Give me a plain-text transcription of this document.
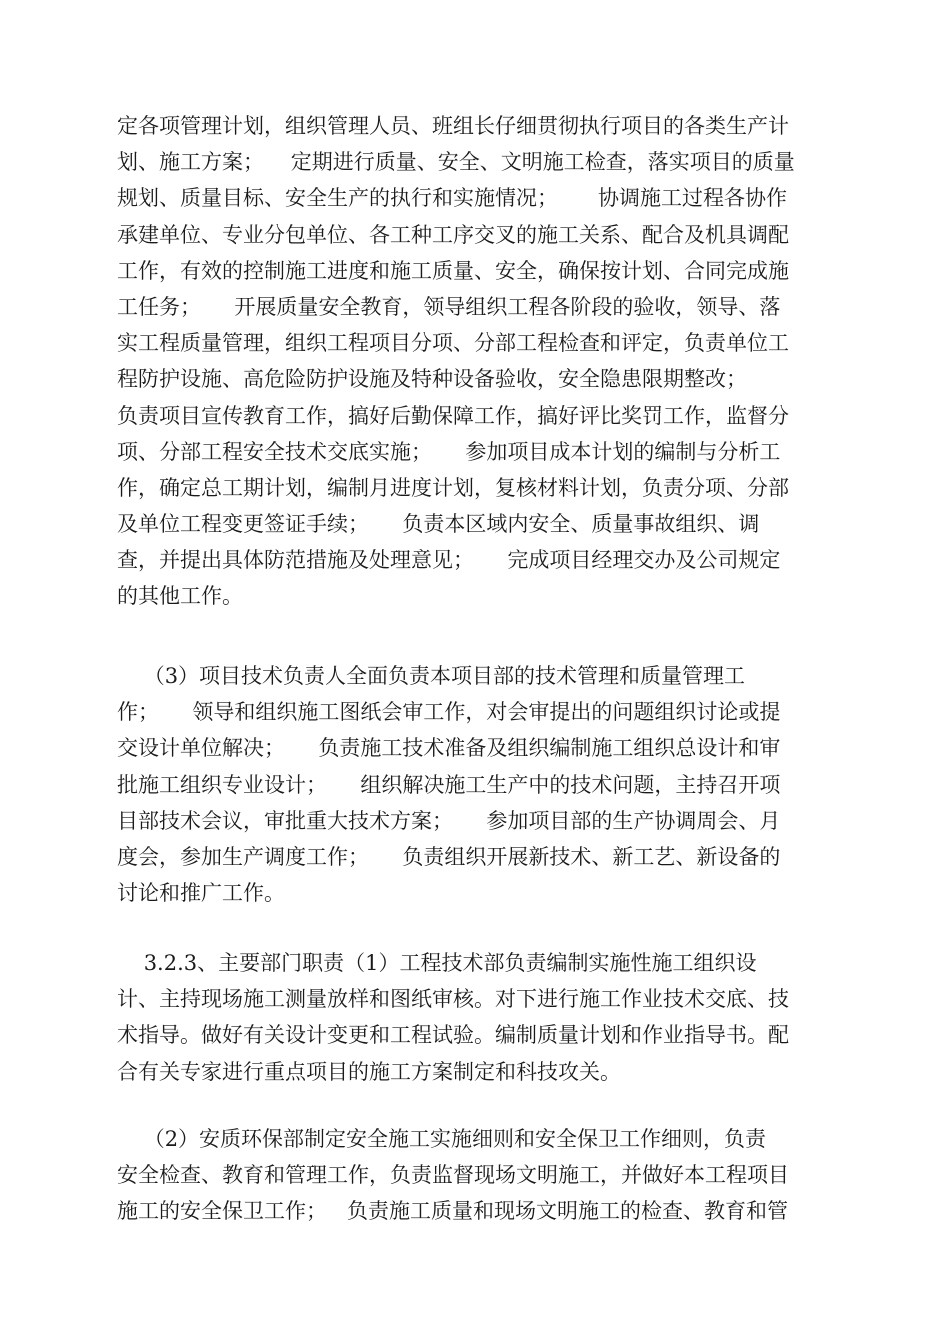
定各项管理计划，组织管理人员、班组长仔细贯彻执行项目的各类生产计
划、施工方案；    定期进行质量、安全、文明施工检查，落实项目的质量
规划、质量目标、安全生产的执行和实施情况；      协调施工过程各协作
承建单位、专业分包单位、各工种工序交叉的施工关系、配合及机具调配
工作，有效的控制施工进度和施工质量、安全，确保按计划、合同完成施
工任务；     开展质量安全教育，领导组织工程各阶段的验收，领导、落
实工程质量管理，组织工程项目分项、分部工程检查和评定，负责单位工
程防护设施、高危险防护设施及特种设备验收，安全隐患限期整改；
负责项目宣传教育工作，搞好后勤保障工作，搞好评比奖罚工作，监督分
项、分部工程安全技术交底实施；     参加项目成本计划的编制与分析工
作，确定总工期计划，编制月进度计划，复核材料计划，负责分项、分部
及单位工程变更签证手续；     负责本区域内安全、质量事故组织、调
查，并提出具体防范措施及处理意见；     完成项目经理交办及公司规定
的其他工作。
（3）项目技术负责人全面负责本项目部的技术管理和质量管理工
作；     领导和组织施工图纸会审工作，对会审提出的问题组织讨论或提
交设计单位解决；     负责施工技术准备及组织编制施工组织总设计和审
批施工组织专业设计；     组织解决施工生产中的技术问题，主持召开项
目部技术会议，审批重大技术方案；     参加项目部的生产协调周会、月
度会，参加生产调度工作；     负责组织开展新技术、新工艺、新设备的
讨论和推广工作。
3.2.3、主要部门职责（1）工程技术部负责编制实施性施工组织设
计、主持现场施工测量放样和图纸审核。对下进行施工作业技术交底、技
术指导。做好有关设计变更和工程试验。编制质量计划和作业指导书。配
合有关专家进行重点项目的施工方案制定和科技攻关。
（2）安质环保部制定安全施工实施细则和安全保卫工作细则，负责
安全检查、教育和管理工作，负责监督现场文明施工，并做好本工程项目
施工的安全保卫工作；   负责施工质量和现场文明施工的检查、教育和管
